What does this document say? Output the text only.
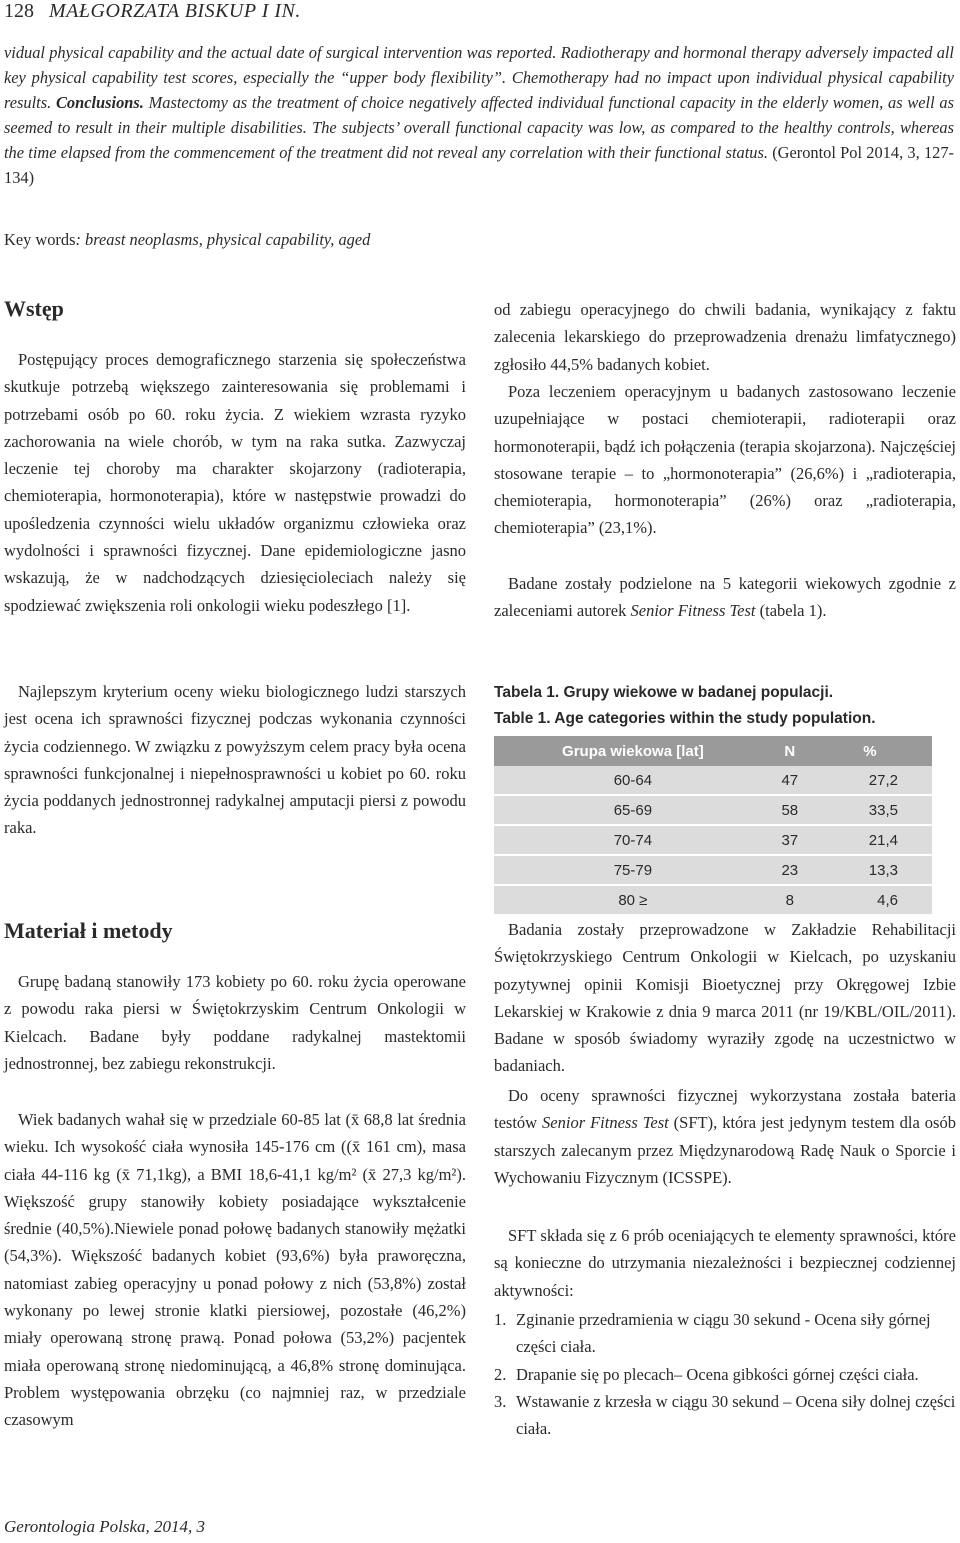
128 MAŁGORZATA BISKUP I IN.
vidual physical capability and the actual date of surgical intervention was reported. Radiotherapy and hormonal therapy adversely impacted all key physical capability test scores, especially the “upper body flexibility”. Chemotherapy had no impact upon individual physical capability results. Conclusions. Mastectomy as the treatment of choice negatively affected individual functional capacity in the elderly women, as well as seemed to result in their multiple disabilities. The subjects’ overall functional capacity was low, as compared to the healthy controls, whereas the time elapsed from the commencement of the treatment did not reveal any correlation with their functional status. (Gerontol Pol 2014, 3, 127-134)
Key words: breast neoplasms, physical capability, aged
Wstęp
Postępujący proces demograficznego starzenia się społeczeństwa skutkuje potrzebą większego zainteresowania się problemami i potrzebami osób po 60. roku życia. Z wiekiem wzrasta ryzyko zachorowania na wiele chorób, w tym na raka sutka. Zazwyczaj leczenie tej choroby ma charakter skojarzony (radioterapia, chemioterapia, hormonoterapia), które w następstwie prowadzi do upośledzenia czynności wielu układów organizmu człowieka oraz wydolności i sprawności fizycznej. Dane epidemiologiczne jasno wskazują, że w nadchodzących dziesięcioleciach należy się spodziewać zwiększenia roli onkologii wieku podeszłego [1].
Najlepszym kryterium oceny wieku biologicznego ludzi starszych jest ocena ich sprawności fizycznej podczas wykonania czynności życia codziennego. W związku z powyższym celem pracy była ocena sprawności funkcjonalnej i niepełnosprawności u kobiet po 60. roku życia poddanych jednostronnej radykalnej amputacji piersi z powodu raka.
Materiał i metody
Grupę badaną stanowiły 173 kobiety po 60. roku życia operowane z powodu raka piersi w Świętokrzyskim Centrum Onkologii w Kielcach. Badane były poddane radykalnej mastektomii jednostronnej, bez zabiegu rekonstrukcji.
Wiek badanych wahał się w przedziale 60-85 lat (x̄ 68,8 lat średnia wieku. Ich wysokość ciała wynosiła 145-176 cm ((x̄ 161 cm), masa ciała 44-116 kg (x̄ 71,1kg), a BMI 18,6-41,1 kg/m² (x̄ 27,3 kg/m²). Większość grupy stanowiły kobiety posiadające wykształcenie średnie (40,5%).Niewiele ponad połowę badanych stanowiły mężatki (54,3%). Większość badanych kobiet (93,6%) była praworęczna, natomiast zabieg operacyjny u ponad połowy z nich (53,8%) został wykonany po lewej stronie klatki piersiowej, pozostałe (46,2%) miały operowaną stronę prawą. Ponad połowa (53,2%) pacjentek miała operowaną stronę niedominującą, a 46,8% stronę dominująca. Problem występowania obrzęku (co najmniej raz, w przedziale czasowym
od zabiegu operacyjnego do chwili badania, wynikający z faktu zalecenia lekarskiego do przeprowadzenia drenażu limfatycznego) zgłosiło 44,5% badanych kobiet.
Poza leczeniem operacyjnym u badanych zastosowano leczenie uzupełniające w postaci chemioterapii, radioterapii oraz hormonoterapii, bądź ich połączenia (terapia skojarzona). Najczęściej stosowane terapie – to „hormonoterapia” (26,6%) i „radioterapia, chemioterapia, hormonoterapia” (26%) oraz „radioterapia, chemioterapia” (23,1%).
Badane zostały podzielone na 5 kategorii wiekowych zgodnie z zaleceniami autorek Senior Fitness Test (tabela 1).
Tabela 1. Grupy wiekowe w badanej populacji.
Table 1. Age categories within the study population.
Grupa wiekowa [lat]	N	%
60-64	47	27,2
65-69	58	33,5
70-74	37	21,4
75-79	23	13,3
80 ≥	8	4,6
Badania zostały przeprowadzone w Zakładzie Rehabilitacji Świętokrzyskiego Centrum Onkologii w Kielcach, po uzyskaniu pozytywnej opinii Komisji Bioetycznej przy Okręgowej Izbie Lekarskiej w Krakowie z dnia 9 marca 2011 (nr 19/KBL/OIL/2011). Badane w sposób świadomy wyraziły zgodę na uczestnictwo w badaniach.
Do oceny sprawności fizycznej wykorzystana została bateria testów Senior Fitness Test (SFT), która jest jedynym testem dla osób starszych zalecanym przez Międzynarodową Radę Nauk o Sporcie i Wychowaniu Fizycznym (ICSSPE).
SFT składa się z 6 prób oceniających te elementy sprawności, które są konieczne do utrzymania niezależności i bezpiecznej codziennej aktywności:
1. Zginanie przedramienia w ciągu 30 sekund - Ocena siły górnej części ciała.
2. Drapanie się po plecach– Ocena gibkości górnej części ciała.
3. Wstawanie z krzesła w ciągu 30 sekund – Ocena siły dolnej części ciała.
Gerontologia Polska, 2014, 3
